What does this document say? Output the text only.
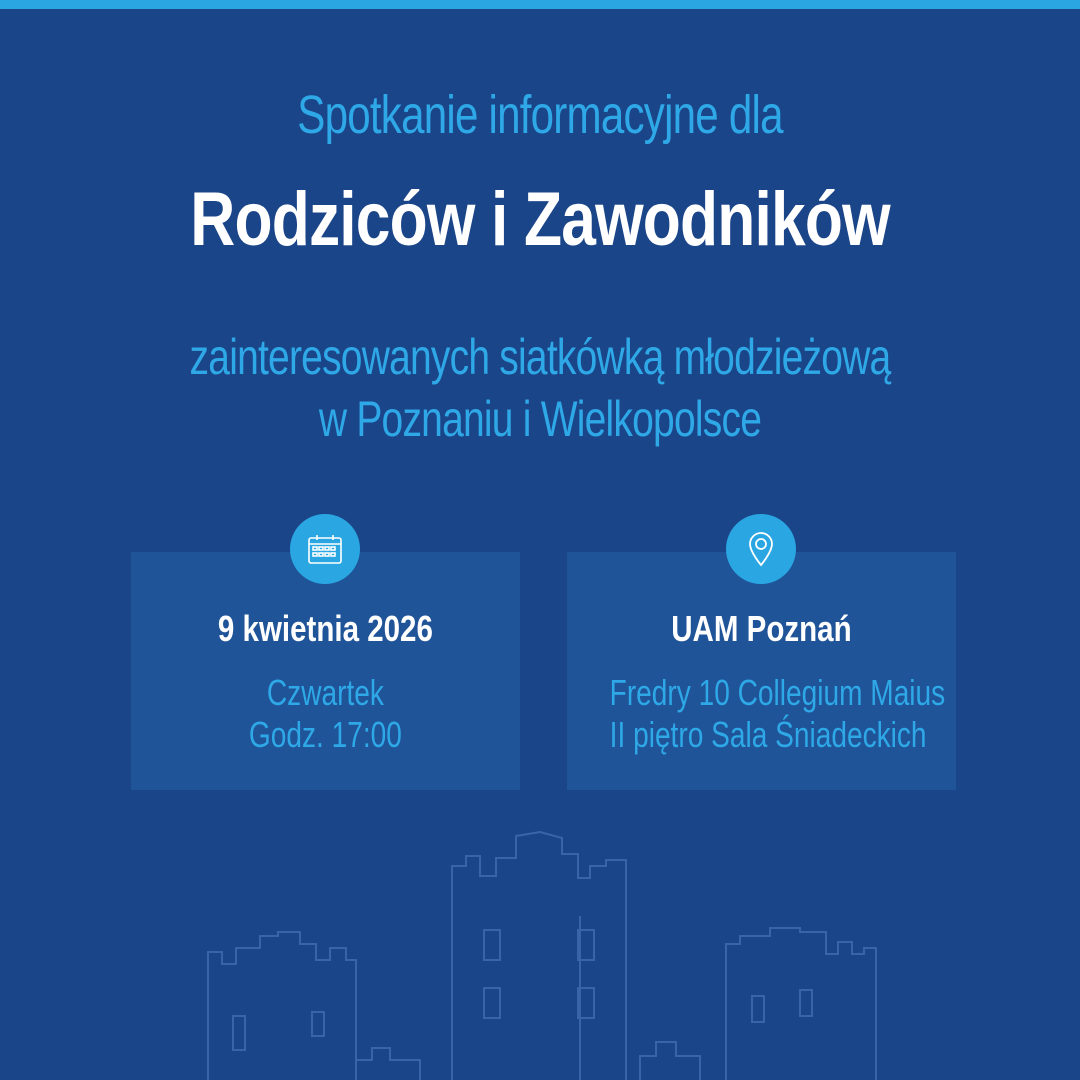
Spotkanie informacyjne dla
Rodziców i Zawodników

zainteresowanych siatkówką młodzieżową
w Poznaniu i Wielkopolsce

9 kwietnia 2026
Czwartek
Godz. 17:00
UAM Poznań
Fredry 10 Collegium Maius
II piętro Sala Śniadeckich
